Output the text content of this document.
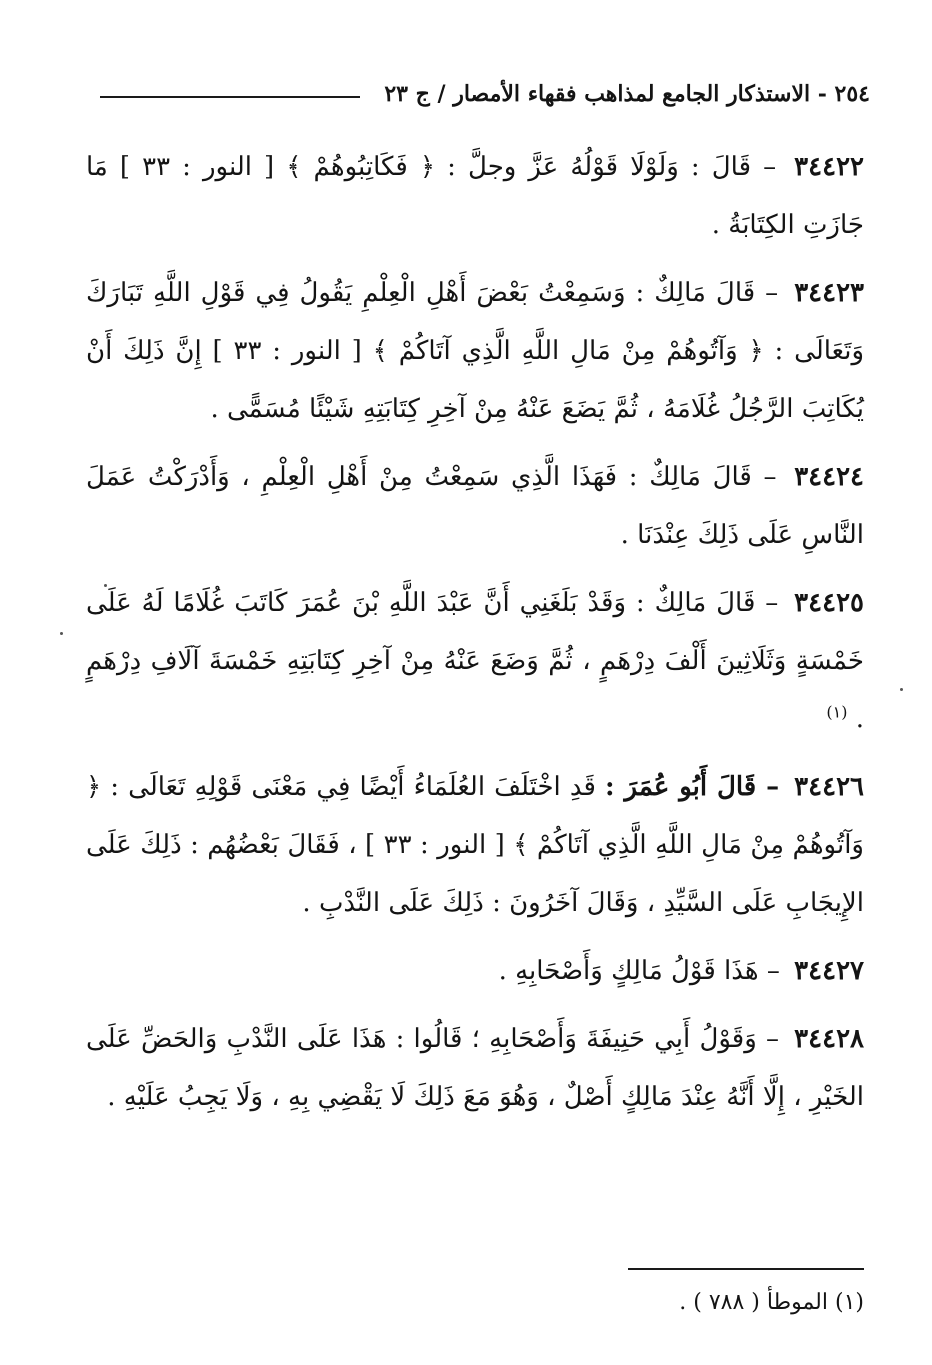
٢٥٤ - الاستذكار الجامع لمذاهب فقهاء الأمصار / ج ٢٣

٣٤٤٢٢ – قَالَ : وَلَوْلَا قَوْلُهُ عَزَّ وجلَّ : ﴿ فَكَاتِبُوهُمْ ﴾ [ النور : ٣٣ ] مَا جَازَتِ الكِتَابَةُ .

٣٤٤٢٣ – قَالَ مَالِكٌ : وَسَمِعْتُ بَعْضَ أَهْلِ الْعِلْمِ يَقُولُ فِي قَوْلِ اللَّهِ تَبَارَكَ وَتَعَالَى : ﴿ وَآتُوهُمْ مِنْ مَالِ اللَّهِ الَّذِي آتَاكُمْ ﴾ [ النور : ٣٣ ] إِنَّ ذَلِكَ أَنْ يُكَاتِبَ الرَّجُلُ غُلَامَهُ ، ثُمَّ يَضَعَ عَنْهُ مِنْ آخِرِ كِتَابَتِهِ شَيْئًا مُسَمًّى .

٣٤٤٢٤ – قَالَ مَالِكٌ : فَهَذَا الَّذِي سَمِعْتُ مِنْ أَهْلِ الْعِلْمِ ، وَأَدْرَكْتُ عَمَلَ النَّاسِ عَلَى ذَلِكَ عِنْدَنَا .

٣٤٤٢٥ – قَالَ مَالِكٌ : وَقَدْ بَلَغَنِي أَنَّ عَبْدَ اللَّهِ بْنَ عُمَرَ كَاتَبَ غُلَامًا لَهُ عَلَى خَمْسَةٍ وَثَلَاثِينَ أَلْفَ دِرْهَمٍ ، ثُمَّ وَضَعَ عَنْهُ مِنْ آخِرِ كِتَابَتِهِ خَمْسَةَ آلَافِ دِرْهَمٍ . $^{(١)}$

٣٤٤٢٦ – قَالَ أَبُو عُمَرَ : قَدِ اخْتَلَفَ العُلَمَاءُ أَيْضًا فِي مَعْنَى قَوْلِهِ تَعَالَى : ﴿ وَآتُوهُمْ مِنْ مَالِ اللَّهِ الَّذِي آتَاكُمْ ﴾ [ النور : ٣٣ ] ، فَقَالَ بَعْضُهُم : ذَلِكَ عَلَى الإِيجَابِ عَلَى السَّيِّدِ ، وَقَالَ آخَرُونَ : ذَلِكَ عَلَى النَّدْبِ .

٣٤٤٢٧ – هَذَا قَوْلُ مَالِكٍ وَأَصْحَابِهِ .

٣٤٤٢٨ – وَقَوْلُ أَبِي حَنِيفَةَ وَأَصْحَابِهِ ؛ قَالُوا : هَذَا عَلَى النَّدْبِ وَالحَضِّ عَلَى الخَيْرِ ، إِلَّا أَنَّهُ عِنْدَ مَالِكٍ أَصْلٌ ، وَهُوَ مَعَ ذَلِكَ لَا يَقْضِي بِهِ ، وَلَا يَجِبُ عَلَيْهِ .

(١) الموطأ ( ٧٨٨ ) .
